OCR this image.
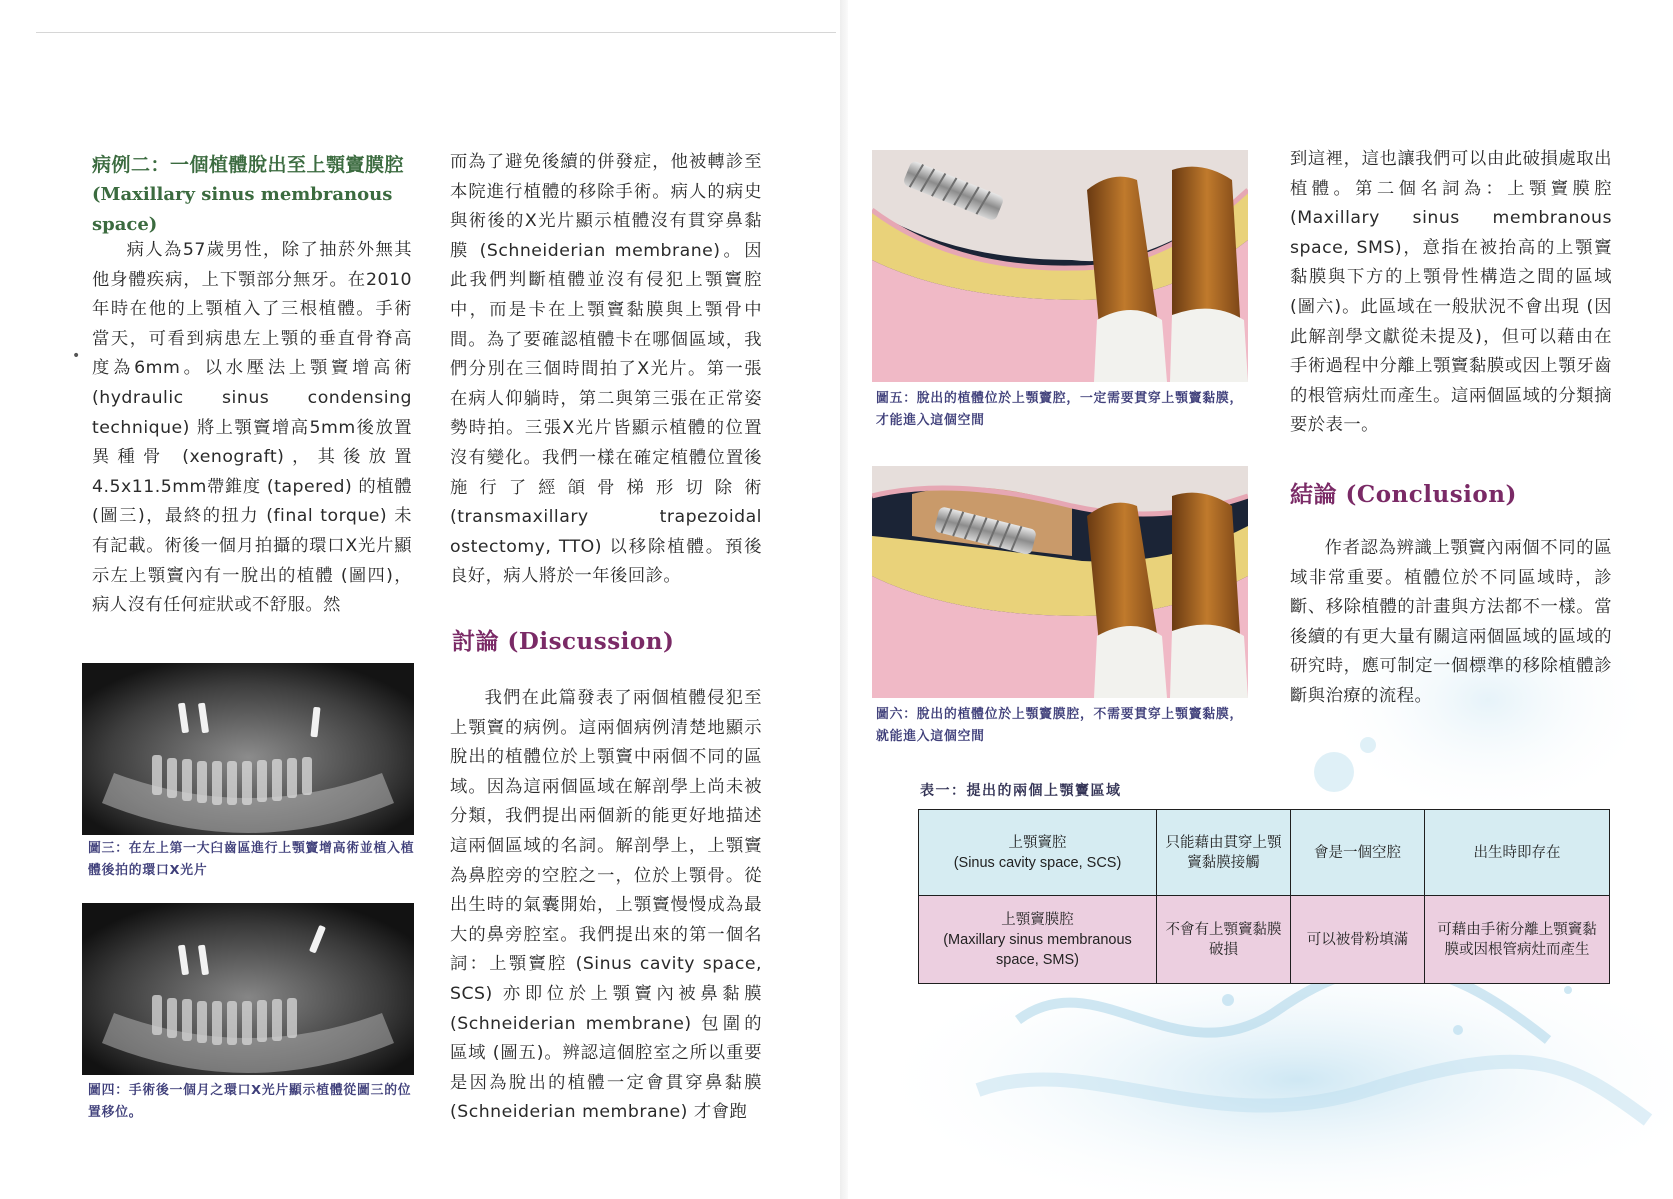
病例二：一個植體脫出至上顎竇膜腔
(Maxillary sinus membranous space)
•

病人為57歲男性，除了抽菸外無其他身體疾病，上下顎部分無牙。在2010年時在他的上顎植入了三根植體。手術當天，可看到病患左上顎的垂直骨脊高度為6mm。以水壓法上顎竇增高術 (hydraulic sinus condensing technique) 將上顎竇增高5mm後放置異種骨 (xenograft)，其後放置4.5x11.5mm帶錐度 (tapered) 的植體 (圖三)，最終的扭力 (final torque) 未有記載。術後一個月拍攝的環口X光片顯示左上顎竇內有一脫出的植體 (圖四)，病人沒有任何症狀或不舒服。然

圖三：在左上第一大臼齒區進行上顎竇增高術並植入植體後拍的環口X光片
圖四：手術後一個月之環口X光片顯示植體從圖三的位置移位。

而為了避免後續的併發症，他被轉診至本院進行植體的移除手術。病人的病史與術後的X光片顯示植體沒有貫穿鼻黏膜 (Schneiderian membrane)。因此我們判斷植體並沒有侵犯上顎竇腔中，而是卡在上顎竇黏膜與上顎骨中間。為了要確認植體卡在哪個區域，我們分別在三個時間拍了X光片。第一張在病人仰躺時，第二與第三張在正常姿勢時拍。三張X光片皆顯示植體的位置沒有變化。我們一樣在確定植體位置後施行了經頜骨梯形切除術 (transmaxillary trapezoidal ostectomy, TTO) 以移除植體。預後良好，病人將於一年後回診。

討論 (Discussion)

我們在此篇發表了兩個植體侵犯至上顎竇的病例。這兩個病例清楚地顯示脫出的植體位於上顎竇中兩個不同的區域。因為這兩個區域在解剖學上尚未被分類，我們提出兩個新的能更好地描述這兩個區域的名詞。解剖學上，上顎竇為鼻腔旁的空腔之一，位於上顎骨。從出生時的氣囊開始，上顎竇慢慢成為最大的鼻旁腔室。我們提出來的第一個名詞：上顎竇腔 (Sinus cavity space, SCS) 亦即位於上顎竇內被鼻黏膜 (Schneiderian membrane) 包圍的區域 (圖五)。辨認這個腔室之所以重要是因為脫出的植體一定會貫穿鼻黏膜 (Schneiderian membrane) 才會跑

圖五：脫出的植體位於上顎竇腔，一定需要貫穿上顎竇黏膜，才能進入這個空間
圖六：脫出的植體位於上顎竇膜腔，不需要貫穿上顎竇黏膜，就能進入這個空間

到這裡，這也讓我們可以由此破損處取出植體。第二個名詞為：上顎竇膜腔 (Maxillary sinus membranous space, SMS)，意指在被抬高的上顎竇黏膜與下方的上顎骨性構造之間的區域 (圖六)。此區域在一般狀況不會出現 (因此解剖學文獻從未提及)，但可以藉由在手術過程中分離上顎竇黏膜或因上顎牙齒的根管病灶而產生。這兩個區域的分類摘要於表一。

結論 (Conclusion)

作者認為辨識上顎竇內兩個不同的區域非常重要。植體位於不同區域時，診斷、移除植體的計畫與方法都不一樣。當後續的有更大量有關這兩個區域的區域的研究時，應可制定一個標準的移除植體診斷與治療的流程。

表一：提出的兩個上顎竇區域
上顎竇腔
(Sinus cavity space, SCS)	只能藉由貫穿上顎竇黏膜接觸	會是一個空腔	出生時即存在

上顎竇膜腔
(Maxillary sinus membranous space, SMS)	不會有上顎竇黏膜破損	可以被骨粉填滿	可藉由手術分離上顎竇黏膜或因根管病灶而產生
